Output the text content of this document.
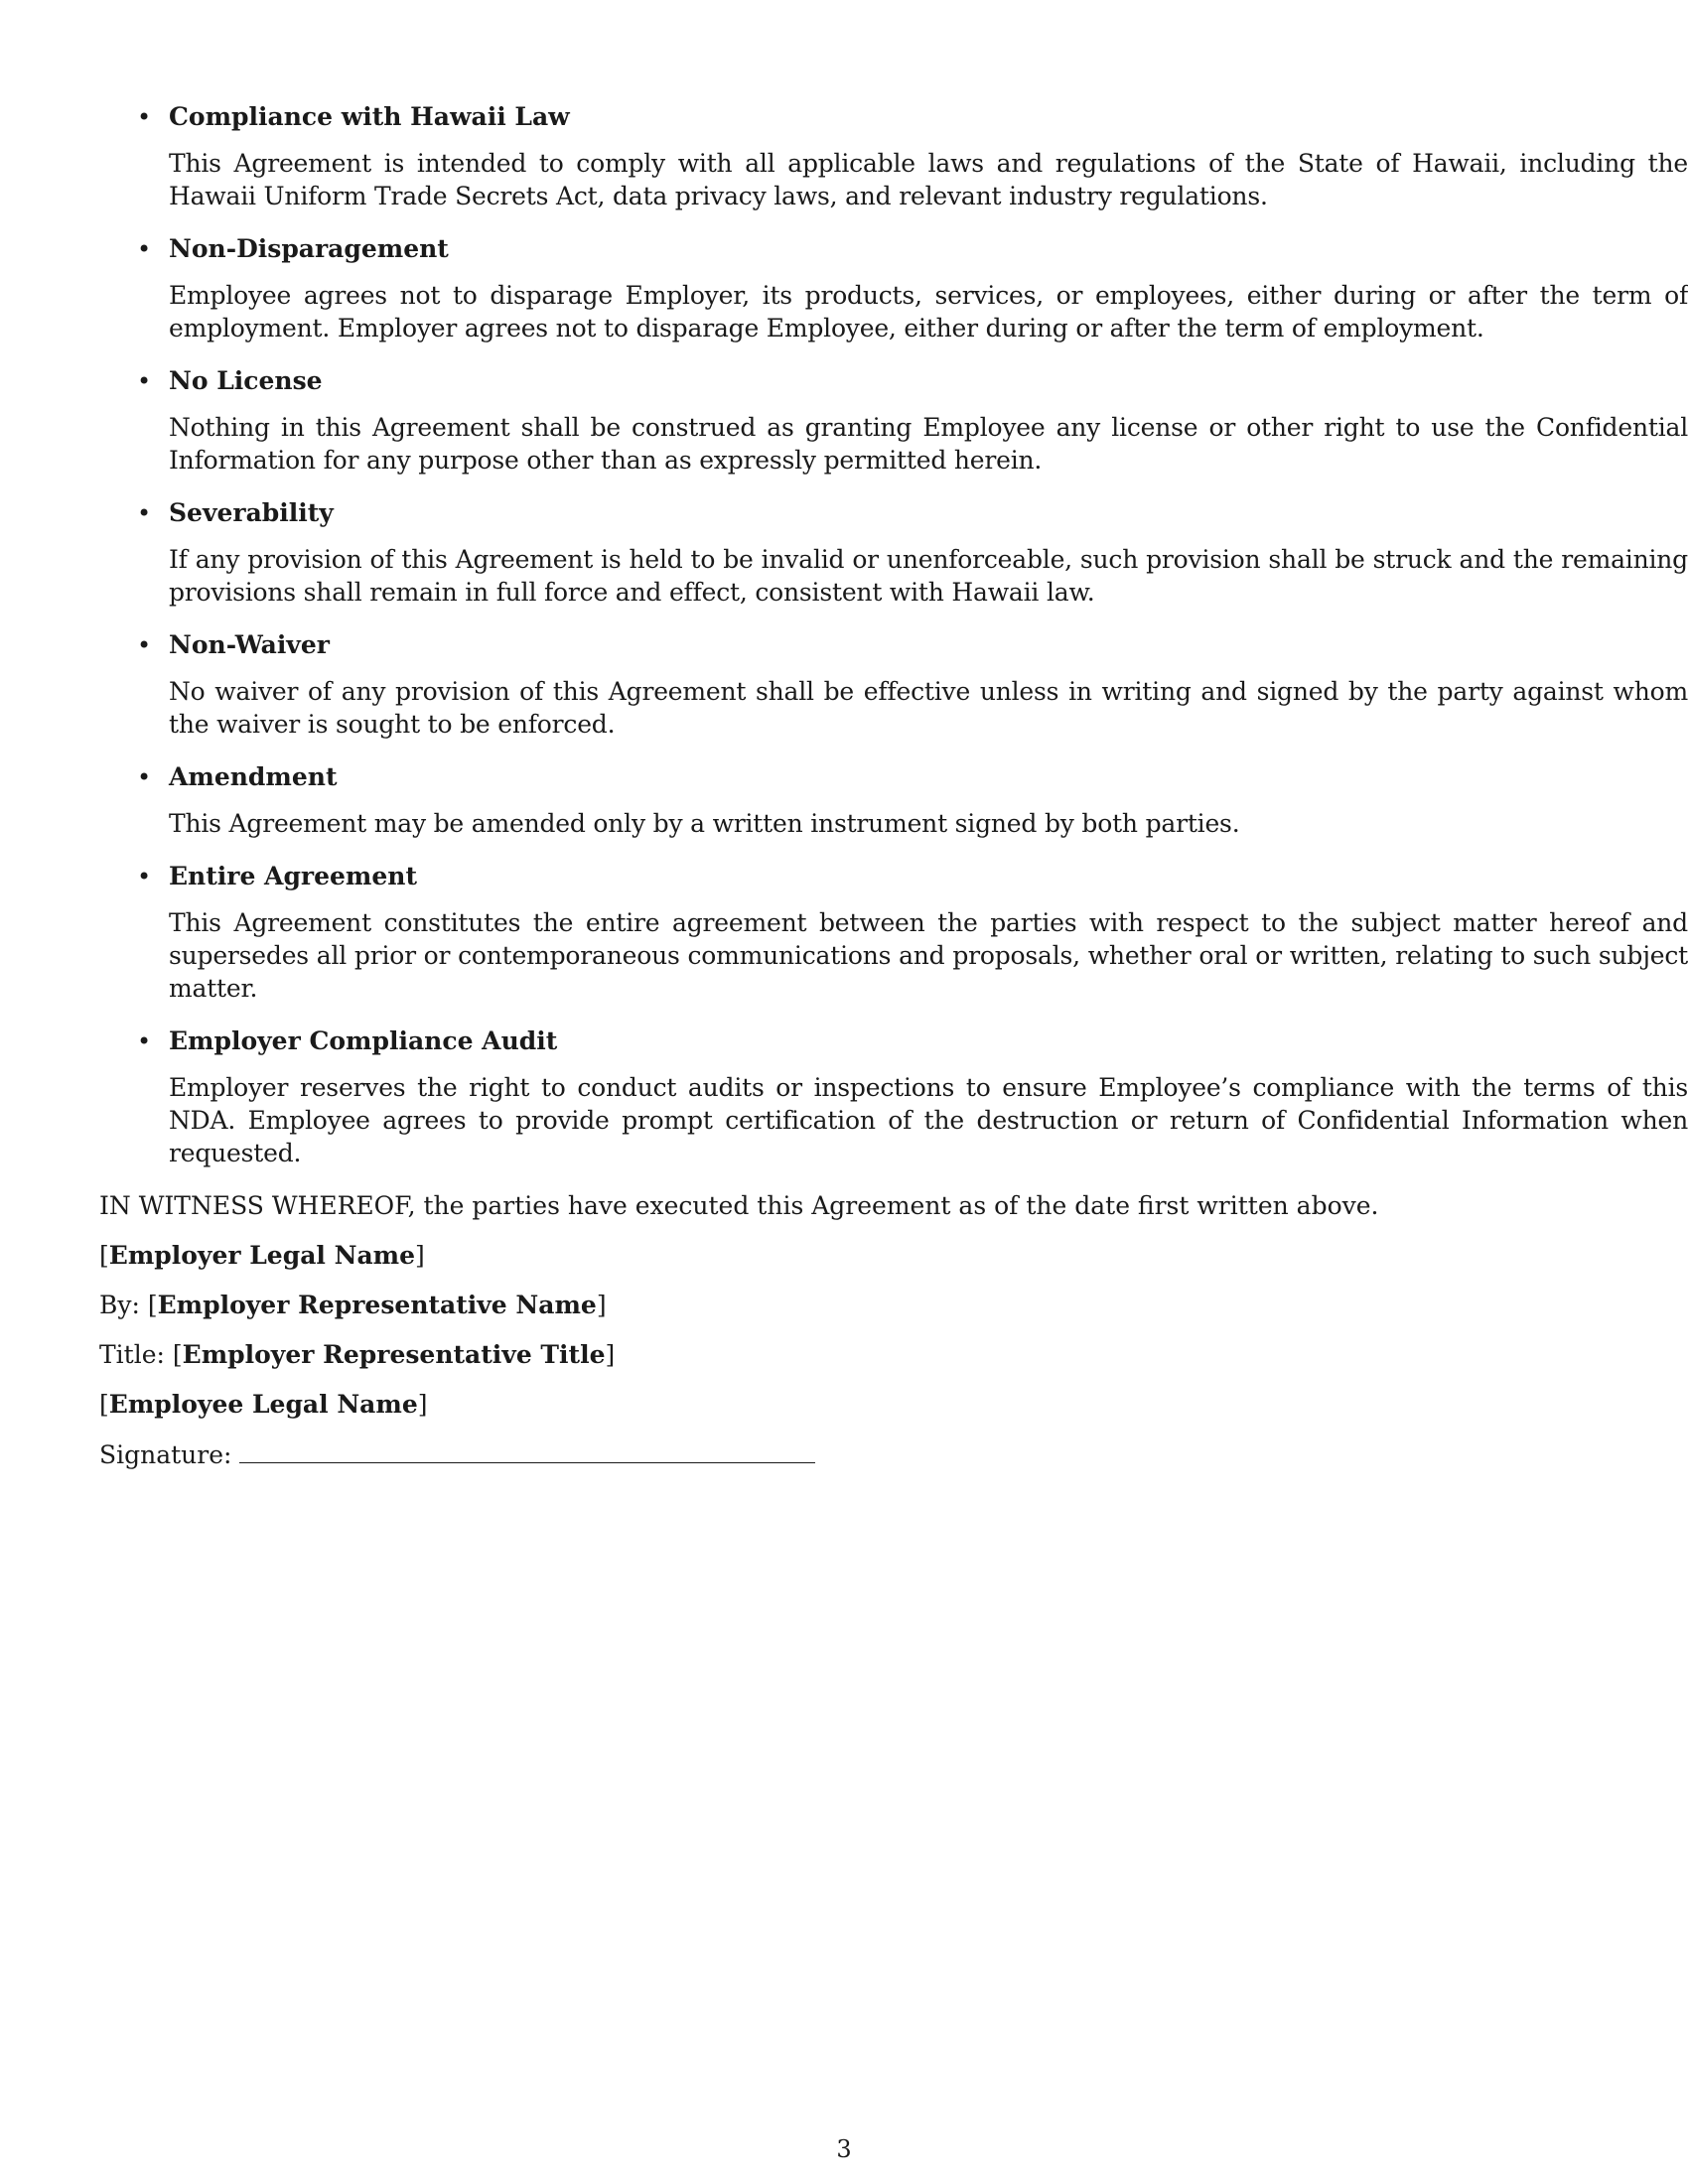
• Compliance with Hawaii Law

This Agreement is intended to comply with all applicable laws and regulations of the State of Hawaii, including the Hawaii Uniform Trade Secrets Act, data privacy laws, and relevant industry regulations.

• Non-Disparagement

Employee agrees not to disparage Employer, its products, services, or employees, either during or after the term of employment. Employer agrees not to disparage Employee, either during or after the term of employment.

• No License

Nothing in this Agreement shall be construed as granting Employee any license or other right to use the Confidential Information for any purpose other than as expressly permitted herein.

• Severability

If any provision of this Agreement is held to be invalid or unenforceable, such provision shall be struck and the remaining provisions shall remain in full force and effect, consistent with Hawaii law.

• Non-Waiver

No waiver of any provision of this Agreement shall be effective unless in writing and signed by the party against whom the waiver is sought to be enforced.

• Amendment

This Agreement may be amended only by a written instrument signed by both parties.

• Entire Agreement

This Agreement constitutes the entire agreement between the parties with respect to the subject matter hereof and supersedes all prior or contemporaneous communications and proposals, whether oral or written, relating to such subject matter.

• Employer Compliance Audit

Employer reserves the right to conduct audits or inspections to ensure Employee’s compliance with the terms of this NDA. Employee agrees to provide prompt certification of the destruction or return of Confidential Information when requested.

IN WITNESS WHEREOF, the parties have executed this Agreement as of the date first written above.

[Employer Legal Name]

By: [Employer Representative Name]

Title: [Employer Representative Title]

[Employee Legal Name]

Signature:

3
